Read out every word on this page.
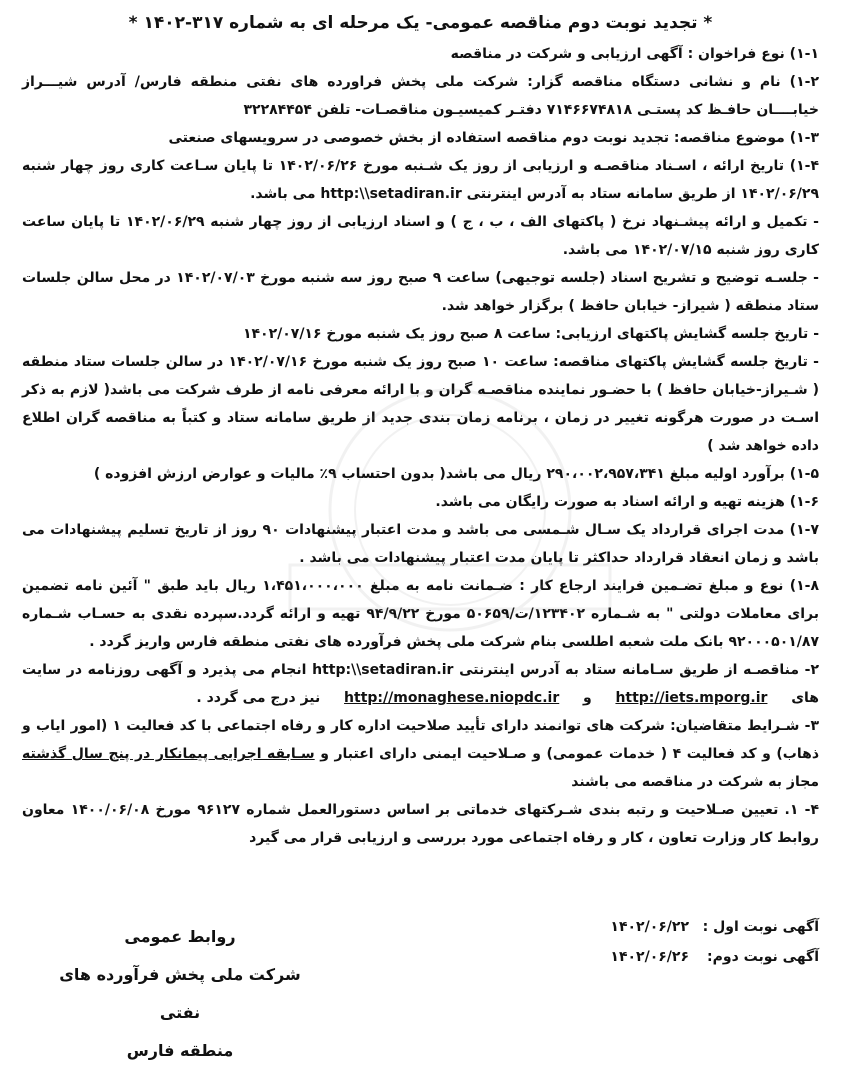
* تجدید نوبت دوم مناقصه عمومی- یک مرحله ای به شماره ۳۱۷-۱۴۰۲ *

۱-۱) نوع فراخوان : آگهی ارزیابی و شرکت در مناقصه

۱-۲) نام و نشانی دستگاه مناقصه گزار: شرکت ملی پخش فراورده های نفتی منطقه فارس/ آدرس شیـــراز خیابــــان حافـظ کد پستـی ۷۱۴۶۶۷۴۸۱۸ دفتـر کمیسیـون مناقصـات- تلفن ۳۲۲۸۴۴۵۴

۱-۳) موضوع مناقصه: تجدید نوبت دوم مناقصه استفاده از بخش خصوصی در سرویسهای صنعتی

۱-۴) تاریخ ارائه ، اسـناد مناقصـه و ارزیابی از روز یک شـنبه مورخ ۱۴۰۲/۰۶/۲۶ تا پایان سـاعت کاری روز چهار شنبه ۱۴۰۲/۰۶/۲۹ از طریق سامانه ستاد به آدرس اینترنتی http:\\setadiran.ir می باشد.

- تکمیل و ارائه پیشـنهاد نرخ ( پاکتهای الف ، ب ، ج ) و اسناد ارزیابی از روز چهار شنبه ۱۴۰۲/۰۶/۲۹ تا پایان ساعت کاری روز شنبه ۱۴۰۲/۰۷/۱۵ می باشد.

- جلسـه توضیح و تشریح اسناد (جلسه توجیهی) ساعت ۹ صبح روز سه شنبه مورخ ۱۴۰۲/۰۷/۰۳ در محل سالن جلسات ستاد منطقه ( شیراز- خیابان حافظ ) برگزار خواهد شد.

- تاریخ جلسه گشایش پاکتهای ارزیابی: ساعت ۸ صبح روز یک شنبه مورخ ۱۴۰۲/۰۷/۱۶

- تاریخ جلسه گشایش پاکتهای مناقصه: ساعت ۱۰ صبح روز یک شنبه مورخ ۱۴۰۲/۰۷/۱۶ در سالن جلسات ستاد منطقه ( شـیراز-خیابان حافظ ) با حضـور نماینده مناقصـه گران و با ارائه معرفی نامه از طرف شرکت می باشد( لازم به ذکر اسـت در صورت هرگونه تغییر در زمان ، برنامه زمان بندی جدید از طریق سامانه ستاد و کتباً به مناقصه گران اطلاع داده خواهد شد )

۱-۵) برآورد اولیه مبلغ ۲۹۰،۰۰۲،۹۵۷،۳۴۱ ریال می باشد( بدون احتساب ۹٪ مالیات و عوارض ارزش افزوده )

۱-۶) هزینه تهیه و ارائه اسناد به صورت رایگان می باشد.

۱-۷) مدت اجرای قرارداد یک سـال شـمسی می باشد و مدت اعتبار پیشنهادات ۹۰ روز از تاریخ تسلیم پیشنهادات می باشد و زمان انعقاد قرارداد حداکثر تا پایان مدت اعتبار پیشنهادات می باشد .

۱-۸) نوع و مبلغ تضـمین فرایند ارجاع کار : ضـمانت نامه به مبلغ ۱،۴۵۱،۰۰۰،۰۰۰ ریال باید طبق " آئین نامه تضمین برای معاملات دولتی " به شـماره ۱۲۳۴۰۲/ت/۵۰۶۵۹ مورخ ۹۴/۹/۲۲ تهیه و ارائه گردد.سپرده نقدی به حسـاب شـماره ۹۲۰۰۰۵۰۱/۸۷ بانک ملت شعبه اطلسی بنام شرکت ملی پخش فرآورده های نفتی منطقه فارس واریز گردد .

۲- مناقصـه از طریق سـامانه ستاد به آدرس اینترنتی http:\\setadiran.ir انجام می پذیرد و آگهی روزنامه در سایت های  http://iets.mporg.ir  و  http://monaghese.niopdc.ir  نیز درج می گردد .

۳- شـرایط متقاضیان: شرکت های توانمند دارای تأیید صلاحیت اداره کار و رفاه اجتماعی با کد فعالیت ۱ (امور ایاب و ذهاب) و کد فعالیت ۴ ( خدمات عمومی) و صـلاحیت ایمنی دارای اعتبار و سـابقه اجرایی پیمانکار در پنج سال گذشته مجاز به شرکت در مناقصه می باشند

۴- ۱. تعیین صـلاحیت و رتبه بندی شـرکتهای خدماتی بر اساس دستورالعمل شماره ۹۶۱۲۷ مورخ ۱۴۰۰/۰۶/۰۸ معاون روابط کار وزارت تعاون ، کار و رفاه اجتماعی مورد بررسی و ارزیابی قرار می گیرد

آگهی نوبت اول :
۱۴۰۲/۰۶/۲۲
آگهی نوبت دوم:
۱۴۰۲/۰۶/۲۶
روابط عمومی
شرکت ملی پخش فرآورده های نفتی
منطقه فارس
